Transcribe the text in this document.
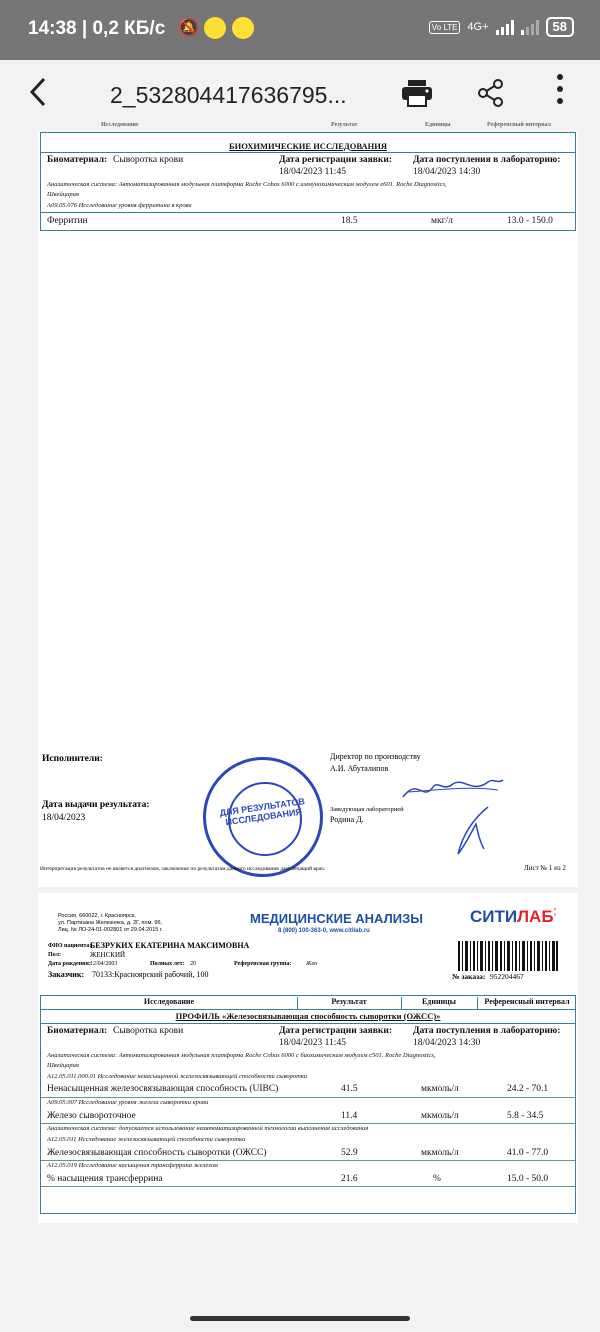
14:38 | 0,2 КБ/с 🔕	Vo LTE 4G+	58
2_532804417636795...
Исследование	Результат	Единицы	Референсный интервал
БИОХИМИЧЕСКИЕ ИССЛЕДОВАНИЯ
Биоматериал: Сыворотка крови	Дата регистрации заявки:
18/04/2023 11:45
Дата поступления в лабораторию:
18/04/2023 14:30
Аналитическая система: Автоматизированная модульная платформа Roche Cobas 6000 с иммунохимическим модулем e601. Roche Diagnostics,
Швейцария
A09.05.076 Исследование уровня ферритина в крови
Ферритин	18.5	мкг/л	13.0 - 150.0
Исполнители:
Дата выдачи результата:
18/04/2023
ДЛЯ РЕЗУЛЬТАТОВ ИССЛЕДОВАНИЯ
Директор по производству
А.И. Абуталипов
Заведующая лабораторией
Родина Д.
Интерпретация результатов не является диагнозом, заключение по результатам данного исследования дает лечащий врач.	Лист № 1 из 2
Россия, 660022, г. Красноярск,
ул. Партизана Железняка, д. 2Г, пом. 96,
Лиц. № ЛО-24-01-002801 от 29.04.2015 г.
МЕДИЦИНСКИЕ АНАЛИЗЫ
8 (800) 100-363-0, www.citilab.ru
СИТИЛАБ⁚
ФИО пациента:
БЕЗРУКИХ ЕКАТЕРИНА МАКСИМОВНА
Пол:	ЖЕНСКИЙ
Дата рождения: 12/04/2003	Полных лет: 20	Референсная группа: Жен
Заказчик: 70133:Красноярский рабочий, 100	№ заказа: 952204467
Исследование	Результат	Единицы	Референсный интервал
ПРОФИЛЬ «Железосвязывающая способность сыворотки (ОЖСС)»
Биоматериал: Сыворотка крови	Дата регистрации заявки:
18/04/2023 11:45
Дата поступления в лабораторию:
18/04/2023 14:30
Аналитическая система: Автоматизированная модульная платформа Roche Cobas 6000 с биохимическим модулем c501. Roche Diagnostics,
Швейцария
A12.05.011.000.01 Исследование ненасыщенной железосвязывающей способности сыворотки
Ненасыщенная железосвязывающая способность (UIBC)	41.5	мкмоль/л	24.2 - 70.1
A09.05.007 Исследование уровня железа сыворотки крови
Железо сывороточное	11.4	мкмоль/л	5.8 - 34.5
Аналитическая система: допускается использование неавтоматизированной технологии выполнения исследования
A12.05.011 Исследование железосвязывающей способности сыворотки
Железосвязывающая способность сыворотки (ОЖСС)	52.9	мкмоль/л	41.0 - 77.0
A12.05.019 Исследование насыщения трансферрина железом
% насыщения трансферрина	21.6	%	15.0 - 50.0
